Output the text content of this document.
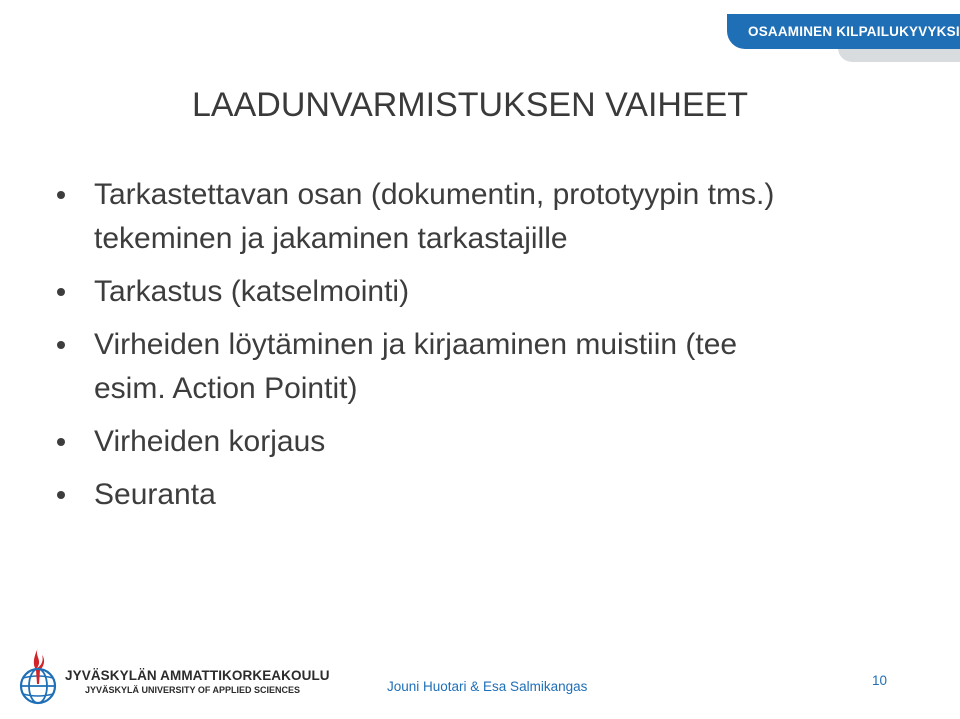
OSAAMINEN KILPAILUKYVYKSI
LAADUNVARMISTUKSEN VAIHEET
Tarkastettavan osan (dokumentin, prototyypin tms.)
tekeminen ja jakaminen tarkastajille
Tarkastus (katselmointi)
Virheiden löytäminen ja kirjaaminen muistiin (tee
esim. Action Pointit)
Virheiden korjaus
Seuranta
JYVÄSKYLÄN AMMATTIKORKEAKOULU
JYVÄSKYLÄ UNIVERSITY OF APPLIED SCIENCES	Jouni Huotari & Esa Salmikangas	10
